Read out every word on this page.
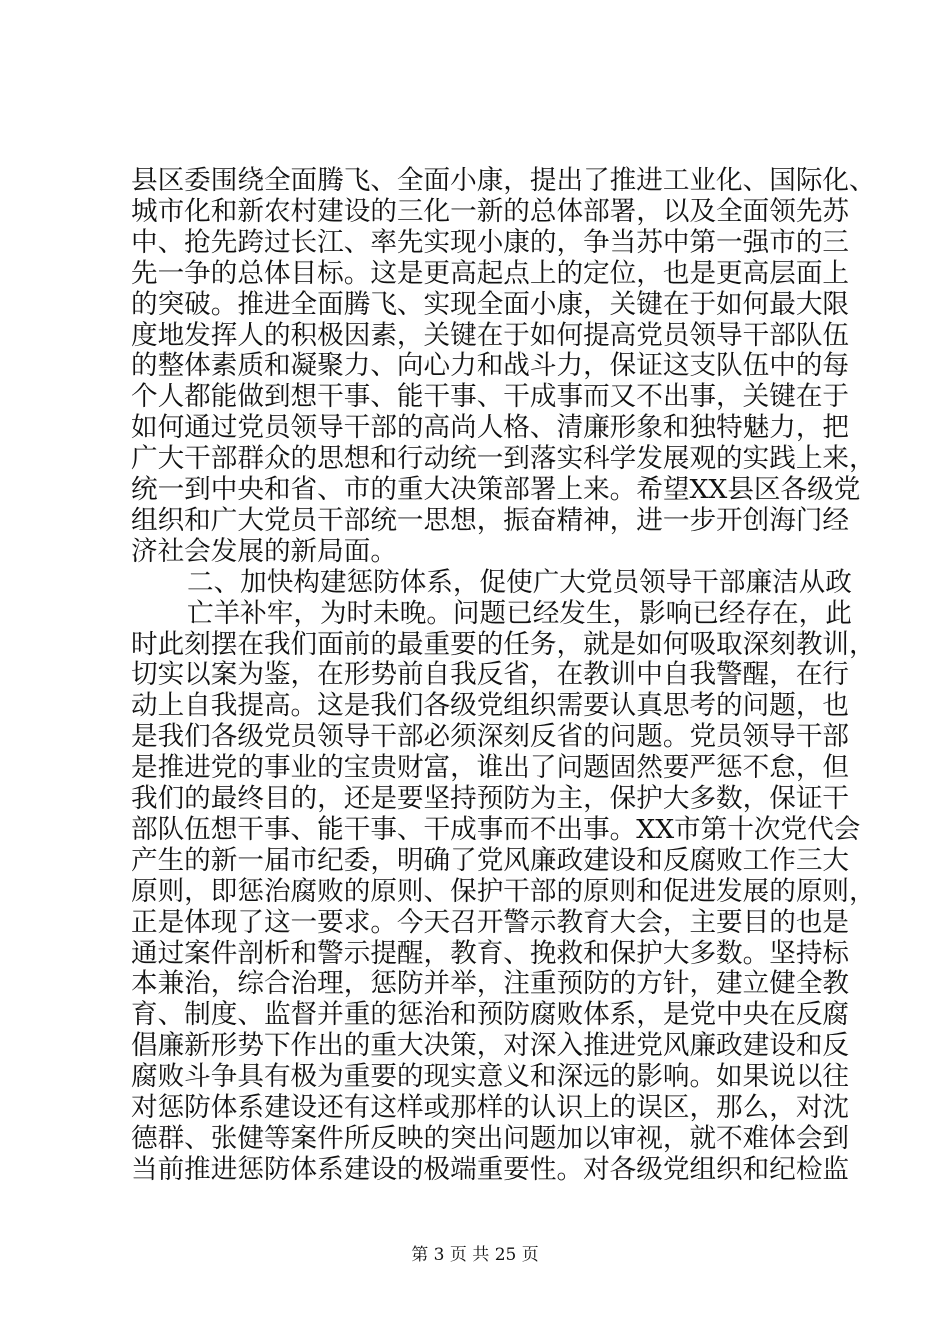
县区委围绕全面腾飞、全面小康，提出了推进工业化、国际化、
城市化和新农村建设的三化一新的总体部署，以及全面领先苏
中、抢先跨过长江、率先实现小康的，争当苏中第一强市的三
先一争的总体目标。这是更高起点上的定位，也是更高层面上
的突破。推进全面腾飞、实现全面小康，关键在于如何最大限
度地发挥人的积极因素，关键在于如何提高党员领导干部队伍
的整体素质和凝聚力、向心力和战斗力，保证这支队伍中的每
个人都能做到想干事、能干事、干成事而又不出事，关键在于
如何通过党员领导干部的高尚人格、清廉形象和独特魅力，把
广大干部群众的思想和行动统一到落实科学发展观的实践上来，
统一到中央和省、市的重大决策部署上来。希望XX县区各级党
组织和广大党员干部统一思想，振奋精神，进一步开创海门经
济社会发展的新局面。
二、加快构建惩防体系，促使广大党员领导干部廉洁从政
亡羊补牢，为时未晚。问题已经发生，影响已经存在，此
时此刻摆在我们面前的最重要的任务，就是如何吸取深刻教训，
切实以案为鉴，在形势前自我反省，在教训中自我警醒，在行
动上自我提高。这是我们各级党组织需要认真思考的问题，也
是我们各级党员领导干部必须深刻反省的问题。党员领导干部
是推进党的事业的宝贵财富，谁出了问题固然要严惩不怠，但
我们的最终目的，还是要坚持预防为主，保护大多数，保证干
部队伍想干事、能干事、干成事而不出事。XX市第十次党代会
产生的新一届市纪委，明确了党风廉政建设和反腐败工作三大
原则，即惩治腐败的原则、保护干部的原则和促进发展的原则，
正是体现了这一要求。今天召开警示教育大会，主要目的也是
通过案件剖析和警示提醒，教育、挽救和保护大多数。坚持标
本兼治，综合治理，惩防并举，注重预防的方针，建立健全教
育、制度、监督并重的惩治和预防腐败体系，是党中央在反腐
倡廉新形势下作出的重大决策，对深入推进党风廉政建设和反
腐败斗争具有极为重要的现实意义和深远的影响。如果说以往
对惩防体系建设还有这样或那样的认识上的误区，那么，对沈
德群、张健等案件所反映的突出问题加以审视，就不难体会到
当前推进惩防体系建设的极端重要性。对各级党组织和纪检监
第 3 页 共 25 页
